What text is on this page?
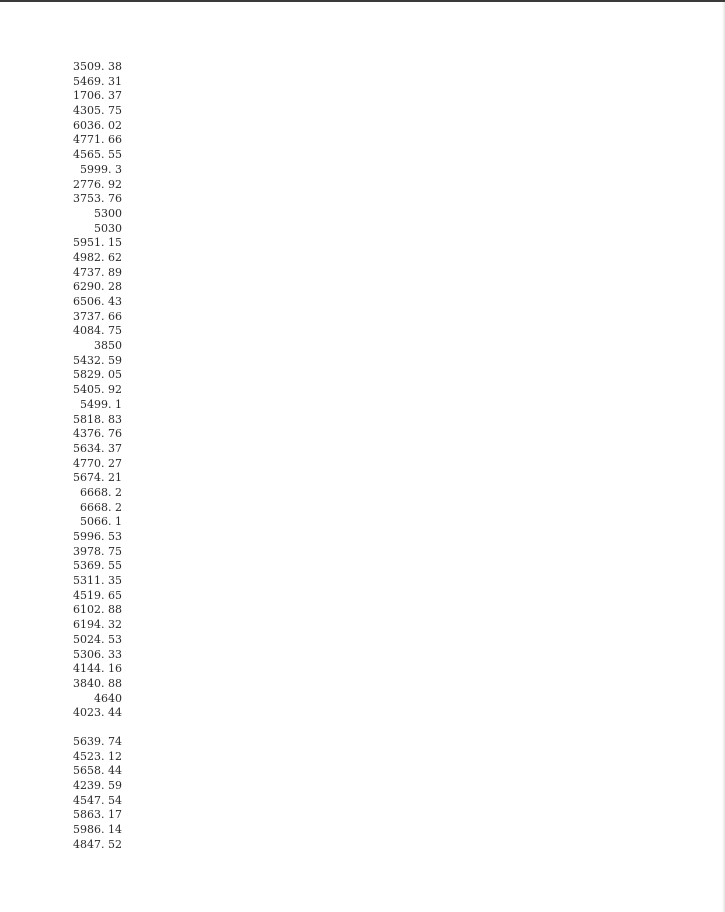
3509. 38
5469. 31
1706. 37
4305. 75
6036. 02
4771. 66
4565. 55
5999. 3
2776. 92
3753. 76
5300
5030
5951. 15
4982. 62
4737. 89
6290. 28
6506. 43
3737. 66
4084. 75
3850
5432. 59
5829. 05
5405. 92
5499. 1
5818. 83
4376. 76
5634. 37
4770. 27
5674. 21
6668. 2
6668. 2
5066. 1
5996. 53
3978. 75
5369. 55
5311. 35
4519. 65
6102. 88
6194. 32
5024. 53
5306. 33
4144. 16
3840. 88
4640
4023. 44
5639. 74
4523. 12
5658. 44
4239. 59
4547. 54
5863. 17
5986. 14
4847. 52
